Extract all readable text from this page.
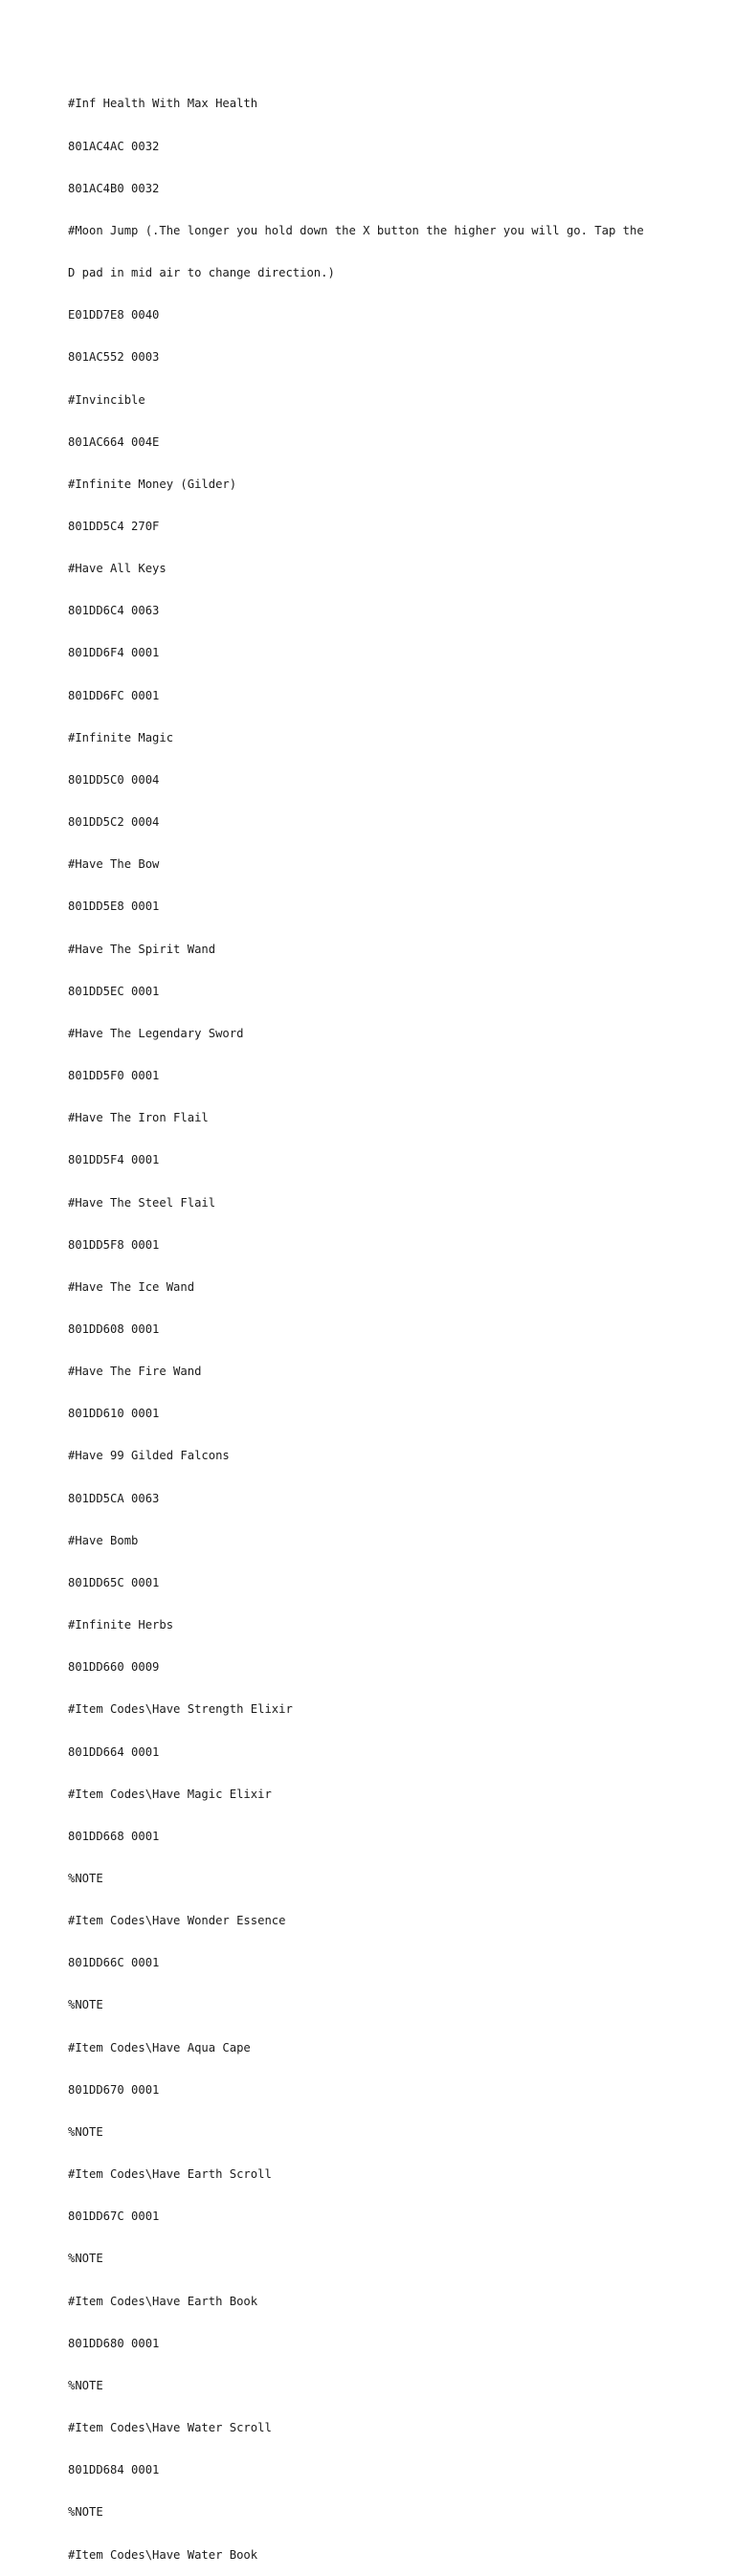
#Inf Health With Max Health

801AC4AC 0032

801AC4B0 0032

#Moon Jump (.The longer you hold down the X button the higher you will go. Tap the

D pad in mid air to change direction.)

E01DD7E8 0040

801AC552 0003

#Invincible

801AC664 004E

#Infinite Money (Gilder)

801DD5C4 270F

#Have All Keys

801DD6C4 0063

801DD6F4 0001

801DD6FC 0001

#Infinite Magic

801DD5C0 0004

801DD5C2 0004

#Have The Bow

801DD5E8 0001

#Have The Spirit Wand

801DD5EC 0001

#Have The Legendary Sword

801DD5F0 0001

#Have The Iron Flail

801DD5F4 0001

#Have The Steel Flail

801DD5F8 0001

#Have The Ice Wand

801DD608 0001

#Have The Fire Wand

801DD610 0001

#Have 99 Gilded Falcons

801DD5CA 0063

#Have Bomb

801DD65C 0001

#Infinite Herbs

801DD660 0009

#Item Codes\Have Strength Elixir

801DD664 0001

#Item Codes\Have Magic Elixir

801DD668 0001

%NOTE

#Item Codes\Have Wonder Essence

801DD66C 0001

%NOTE

#Item Codes\Have Aqua Cape

801DD670 0001

%NOTE

#Item Codes\Have Earth Scroll

801DD67C 0001

%NOTE

#Item Codes\Have Earth Book

801DD680 0001

%NOTE

#Item Codes\Have Water Scroll

801DD684 0001

%NOTE

#Item Codes\Have Water Book
